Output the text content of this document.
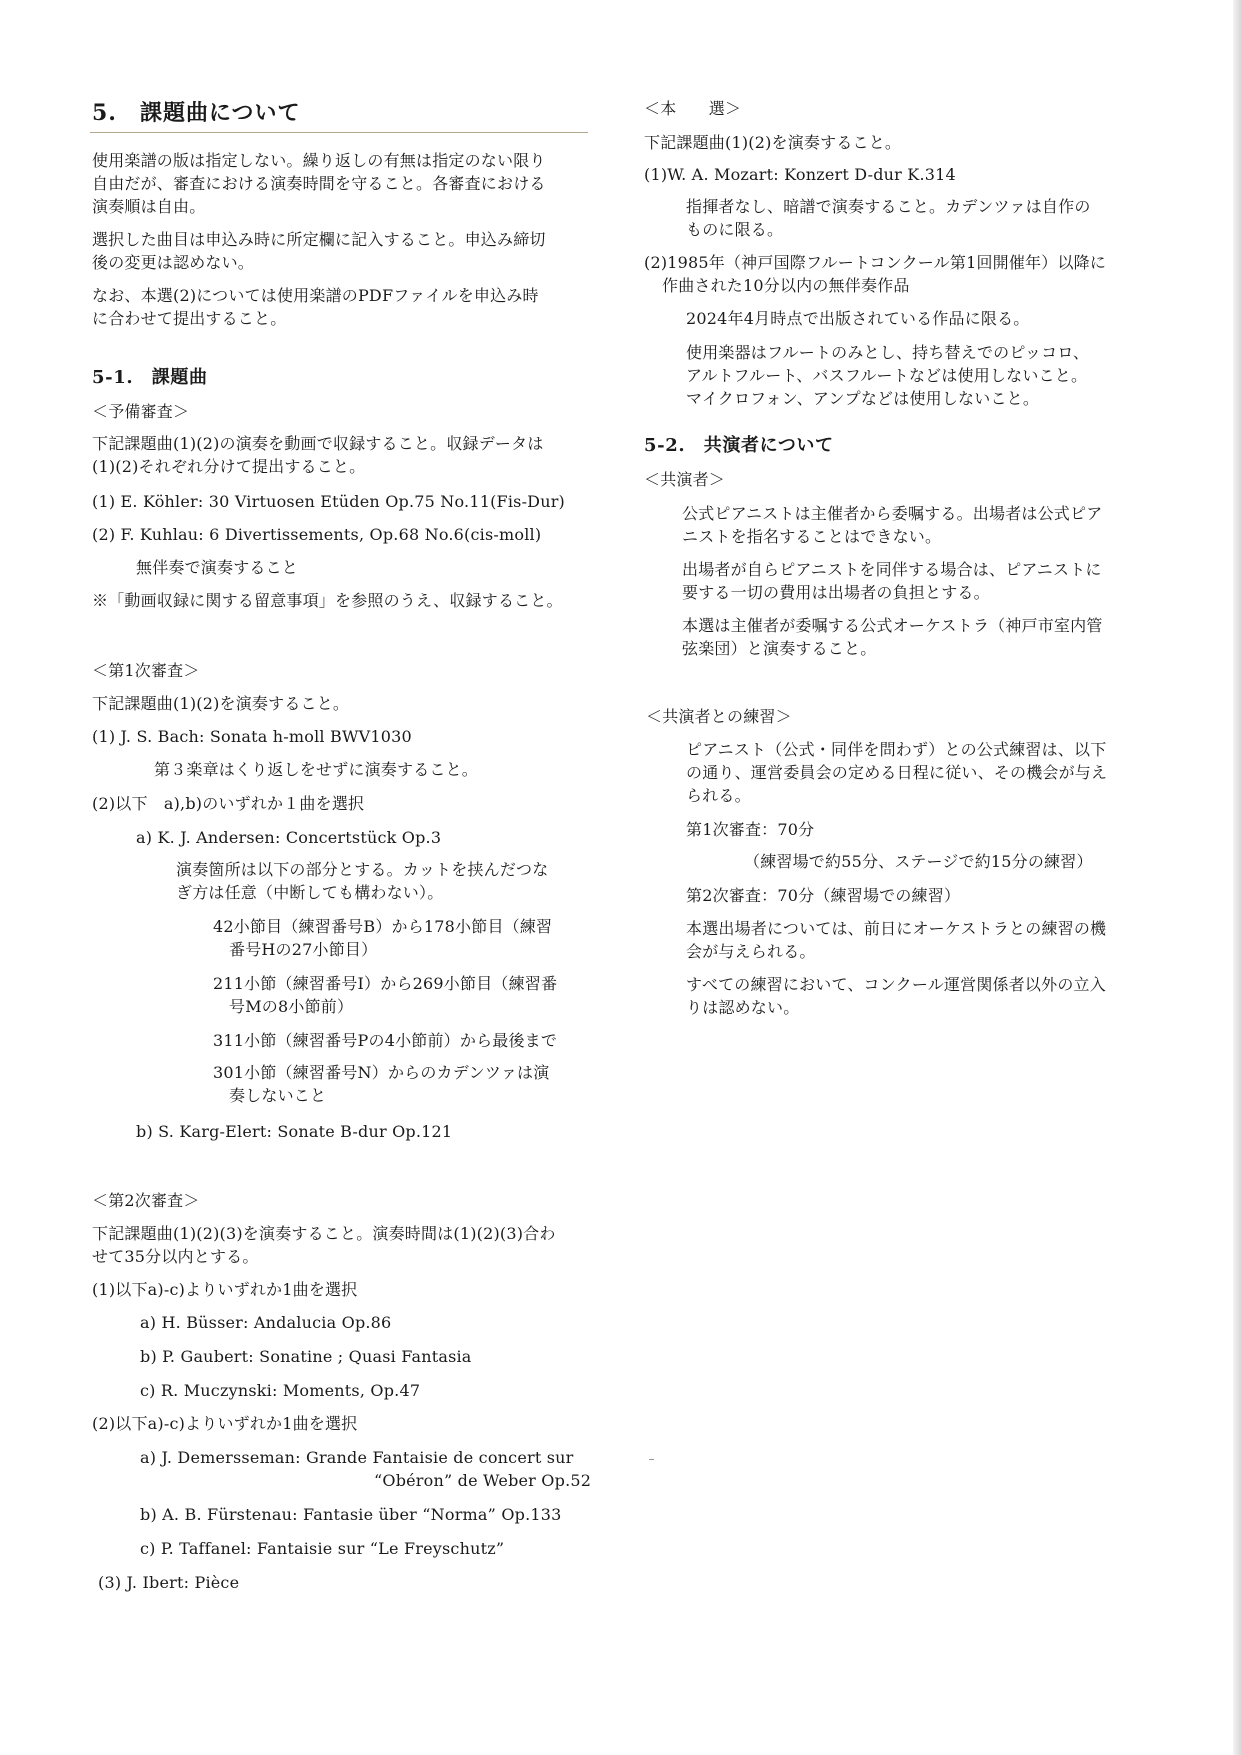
5.　課題曲について
使用楽譜の版は指定しない。繰り返しの有無は指定のない限り
自由だが、審査における演奏時間を守ること。各審査における
演奏順は自由。
選択した曲目は申込み時に所定欄に記入すること。申込み締切
後の変更は認めない。
なお、本選(2)については使用楽譜のPDFファイルを申込み時
に合わせて提出すること。
5-1.　課題曲
＜予備審査＞
下記課題曲(1)(2)の演奏を動画で収録すること。収録データは
(1)(2)それぞれ分けて提出すること。
(1) E. Köhler: 30 Virtuosen Etüden Op.75 No.11(Fis-Dur)
(2) F. Kuhlau: 6 Divertissements, Op.68 No.6(cis-moll)
無伴奏で演奏すること
※「動画収録に関する留意事項」を参照のうえ、収録すること。
＜第1次審査＞
下記課題曲(1)(2)を演奏すること。
(1) J. S. Bach: Sonata h-moll BWV1030
第３楽章はくり返しをせずに演奏すること。
(2)以下　a),b)のいずれか１曲を選択
a) K. J. Andersen: Concertstück Op.3
演奏箇所は以下の部分とする。カットを挟んだつな
ぎ方は任意（中断しても構わない）。
42小節目（練習番号B）から178小節目（練習
番号Hの27小節目）
211小節（練習番号I）から269小節目（練習番
号Mの8小節前）
311小節（練習番号Pの4小節前）から最後まで
301小節（練習番号N）からのカデンツァは演
奏しないこと
b) S. Karg-Elert: Sonate B-dur Op.121
＜第2次審査＞
下記課題曲(1)(2)(3)を演奏すること。演奏時間は(1)(2)(3)合わ
せて35分以内とする。
(1)以下a)-c)よりいずれか1曲を選択
a) H. Büsser: Andalucia Op.86
b) P. Gaubert: Sonatine ; Quasi Fantasia
c) R. Muczynski: Moments, Op.47
(2)以下a)-c)よりいずれか1曲を選択
a) J. Demersseman: Grande Fantaisie de concert sur
“Obéron” de Weber Op.52
b) A. B. Fürstenau: Fantasie über “Norma” Op.133
c) P. Taffanel: Fantaisie sur “Le Freyschutz”
(3) J. Ibert: Pièce
＜本　　選＞
下記課題曲(1)(2)を演奏すること。
(1)W. A. Mozart: Konzert D-dur K.314
指揮者なし、暗譜で演奏すること。カデンツァは自作の
ものに限る。
(2)1985年（神戸国際フルートコンクール第1回開催年）以降に
作曲された10分以内の無伴奏作品
2024年4月時点で出版されている作品に限る。
使用楽器はフルートのみとし、持ち替えでのピッコロ、
アルトフルート、バスフルートなどは使用しないこと。
マイクロフォン、アンプなどは使用しないこと。
5-2.　共演者について
＜共演者＞
公式ピアニストは主催者から委嘱する。出場者は公式ピア
ニストを指名することはできない。
出場者が自らピアニストを同伴する場合は、ピアニストに
要する一切の費用は出場者の負担とする。
本選は主催者が委嘱する公式オーケストラ（神戸市室内管
弦楽団）と演奏すること。
＜共演者との練習＞
ピアニスト（公式・同伴を問わず）との公式練習は、以下
の通り、運営委員会の定める日程に従い、その機会が与え
られる。
第1次審査：70分
（練習場で約55分、ステージで約15分の練習）
第2次審査：70分（練習場での練習）
本選出場者については、前日にオーケストラとの練習の機
会が与えられる。
すべての練習において、コンクール運営関係者以外の立入
りは認めない。
